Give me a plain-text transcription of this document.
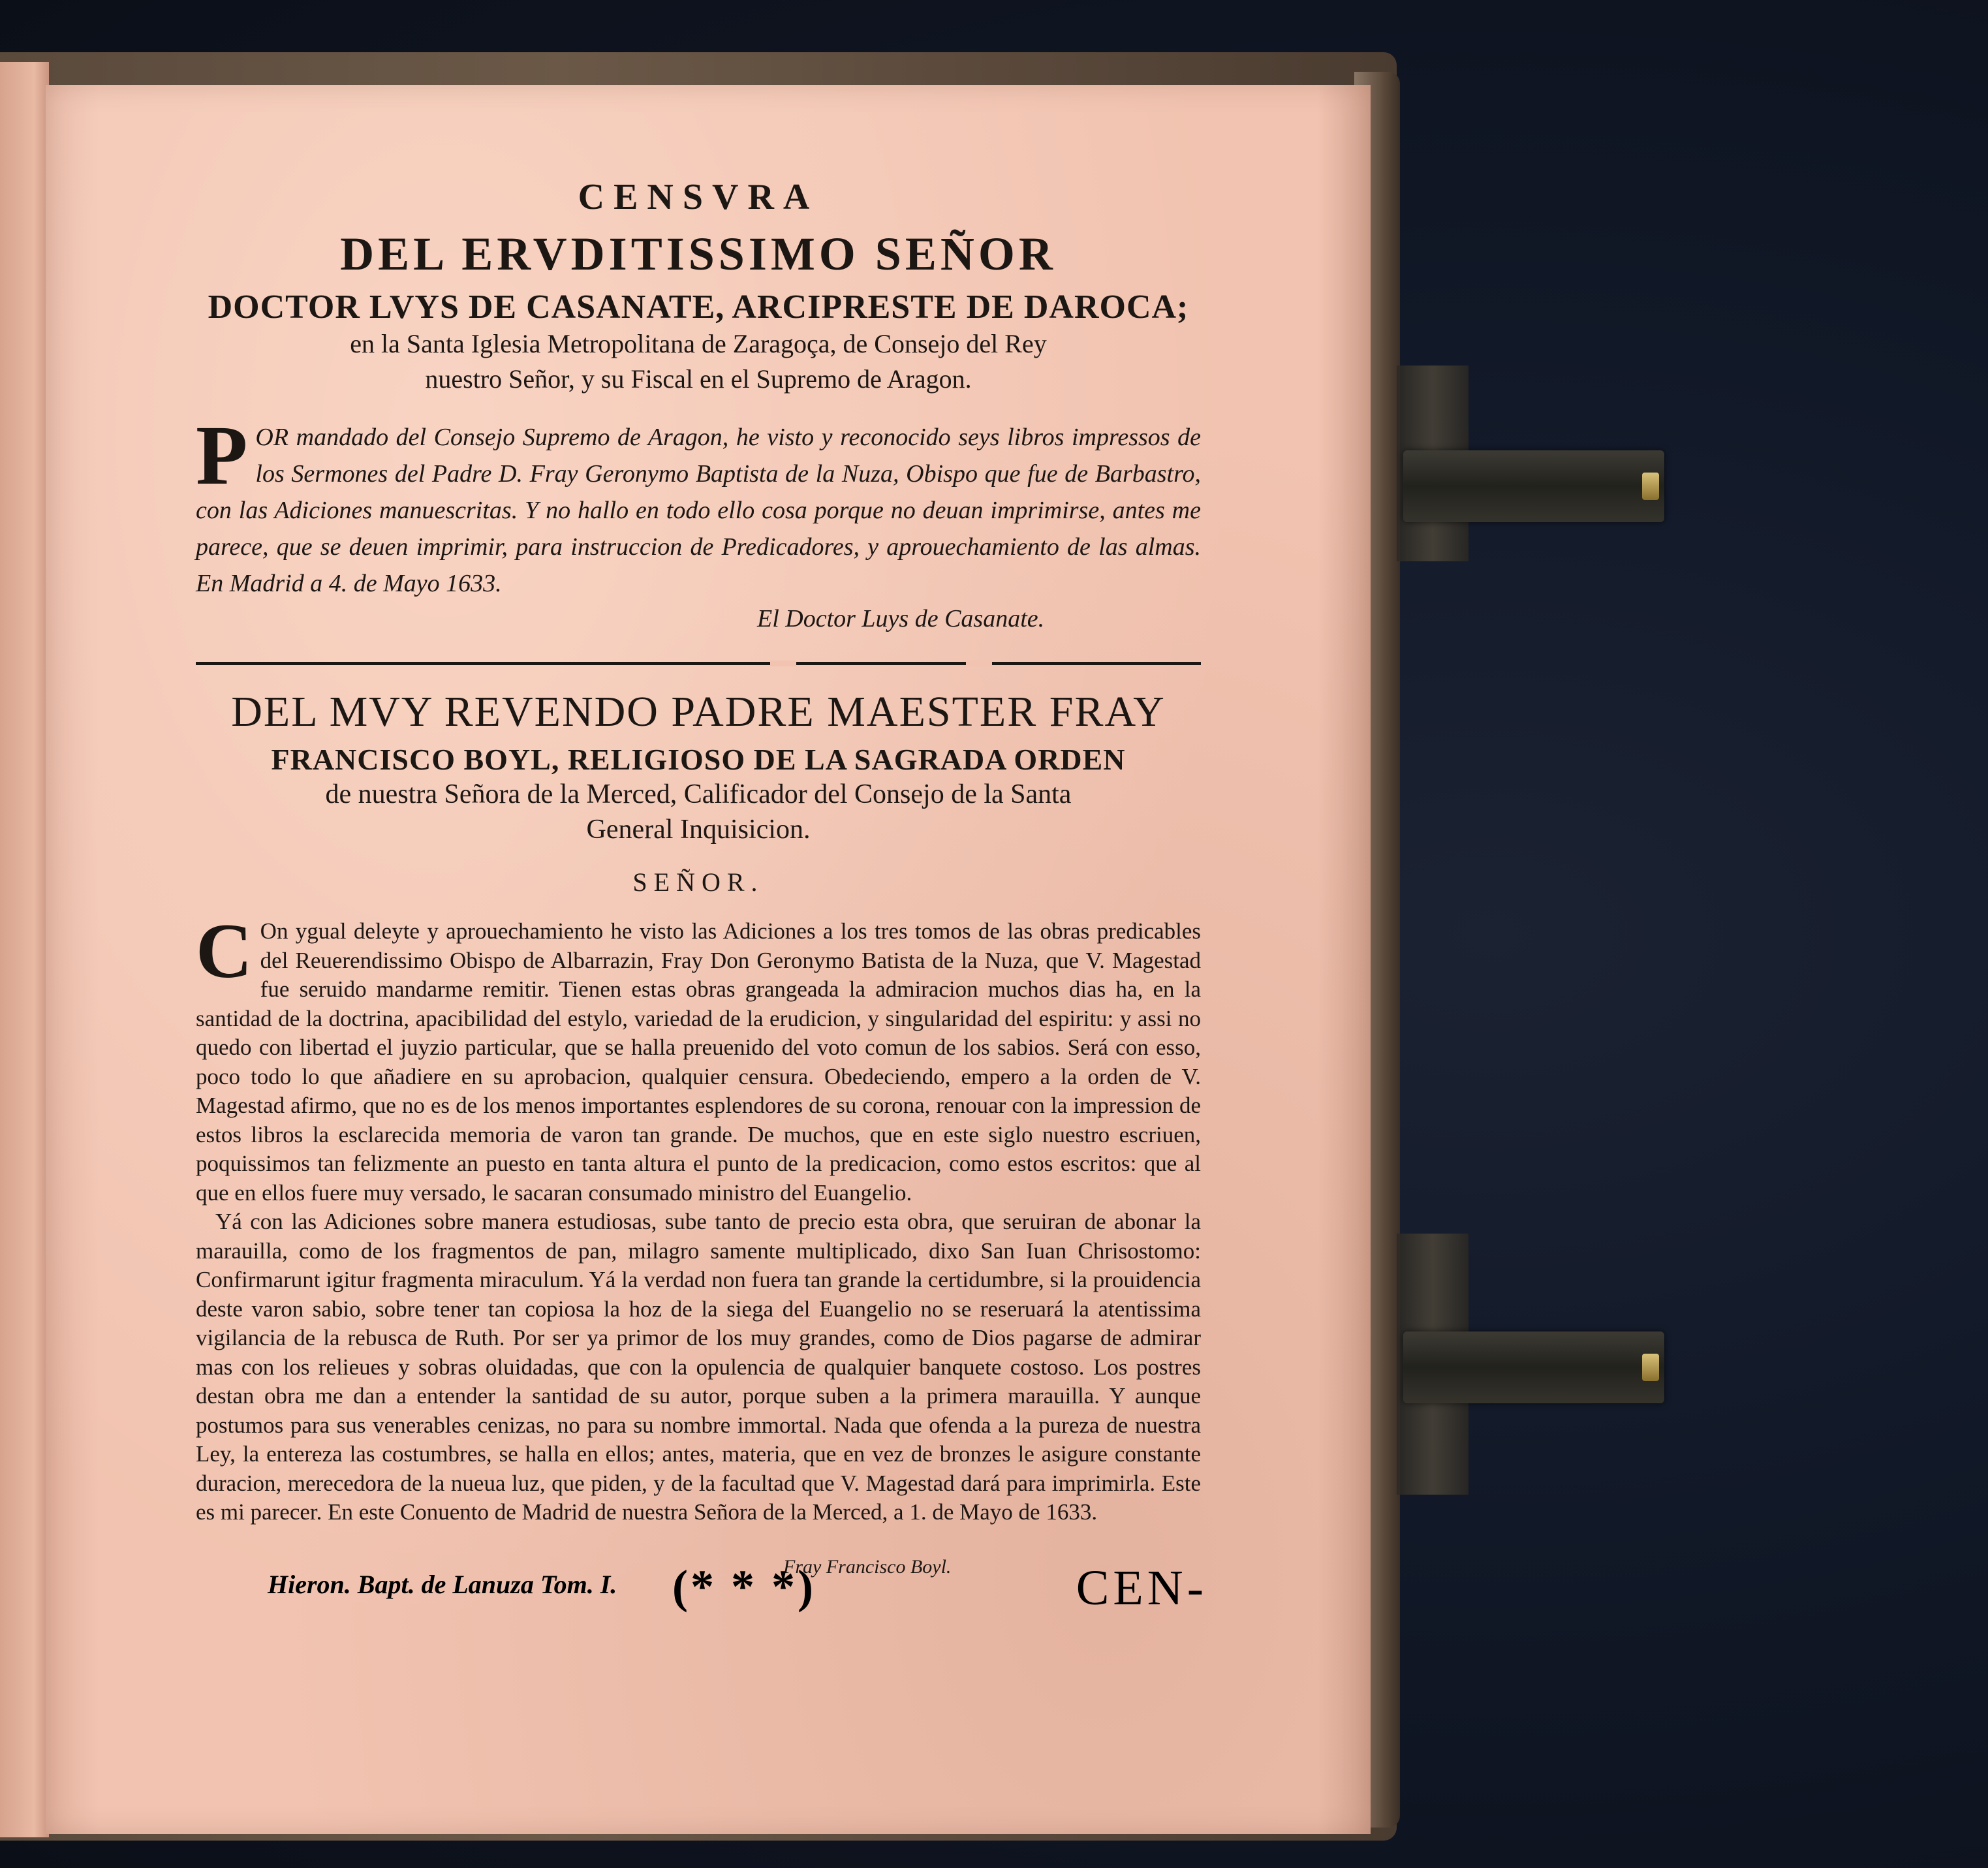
CENSVRA
DEL ERVDITISSIMO SEÑOR
DOCTOR LVYS DE CASANATE, ARCIPRESTE DE DAROCA;
en la Santa Iglesia Metropolitana de Zaragoça, de Consejo del Rey
nuestro Señor, y su Fiscal en el Supremo de Aragon.
P OR mandado del Consejo Supremo de Aragon, he visto y reconocido seys libros impressos de los Sermones del Padre D. Fray Geronymo Baptista de la Nuza, Obispo que fue de Barbastro, con las Adiciones manuescritas. Y no hallo en todo ello cosa porque no deuan imprimirse, antes me parece, que se deuen imprimir, para instruccion de Predicadores, y aprouechamiento de las almas. En Madrid a 4. de Mayo 1633.
El Doctor Luys de Casanate.
DEL MVY REVENDO PADRE MAESTER FRAY
FRANCISCO BOYL, RELIGIOSO DE LA SAGRADA ORDEN
de nuestra Señora de la Merced, Calificador del Consejo de la Santa
General Inquisicion.
SEÑOR.
C On ygual deleyte y aprouechamiento he visto las Adiciones a los tres tomos de las obras predicables del Reuerendissimo Obispo de Albarrazin, Fray Don Geronymo Batista de la Nuza, que V. Magestad fue seruido mandarme remitir. Tienen estas obras grangeada la admiracion muchos dias ha, en la santidad de la doctrina, apacibilidad del estylo, variedad de la erudicion, y singularidad del espiritu: y assi no quedo con libertad el juyzio particular, que se halla preuenido del voto comun de los sabios. Será con esso, poco todo lo que añadiere en su aprobacion, qualquier censura. Obedeciendo, empero a la orden de V. Magestad afirmo, que no es de los menos importantes esplendores de su corona, renouar con la impression de estos libros la esclarecida memoria de varon tan grande. De muchos, que en este siglo nuestro escriuen, poquissimos tan felizmente an puesto en tanta altura el punto de la predicacion, como estos escritos: que al que en ellos fuere muy versado, le sacaran consumado ministro del Euangelio.
Yá con las Adiciones sobre manera estudiosas, sube tanto de precio esta obra, que seruiran de abonar la marauilla, como de los fragmentos de pan, milagro samente multiplicado, dixo San Iuan Chrisostomo: Confirmarunt igitur fragmenta miraculum. Yá la verdad non fuera tan grande la certidumbre, si la prouidencia deste varon sabio, sobre tener tan copiosa la hoz de la siega del Euangelio no se reseruará la atentissima vigilancia de la rebusca de Ruth. Por ser ya primor de los muy grandes, como de Dios pagarse de admirar mas con los relieues y sobras oluidadas, que con la opulencia de qualquier banquete costoso. Los postres destan obra me dan a entender la santidad de su autor, porque suben a la primera marauilla. Y aunque postumos para sus venerables cenizas, no para su nombre immortal. Nada que ofenda a la pureza de nuestra Ley, la entereza las costumbres, se halla en ellos; antes, materia, que en vez de bronzes le asigure constante duracion, merecedora de la nueua luz, que piden, y de la facultad que V. Magestad dará para imprimirla. Este es mi parecer. En este Conuento de Madrid de nuestra Señora de la Merced, a 1. de Mayo de 1633.
Fray Francisco Boyl.
Hieron. Bapt. de Lanuza Tom. I. (* * *)	CEN-
